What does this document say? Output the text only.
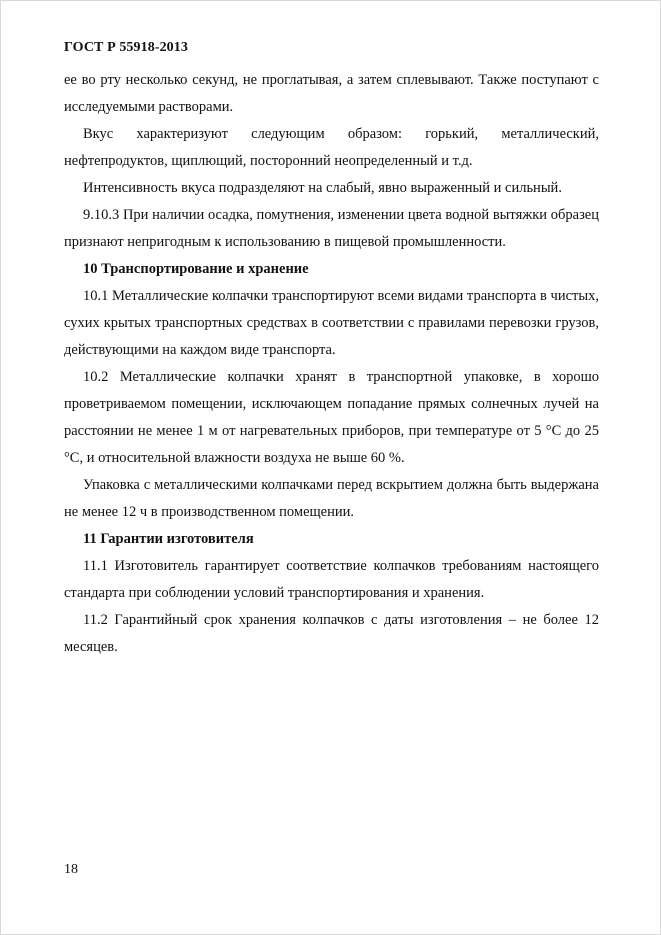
ГОСТ Р 55918-2013

ее во рту несколько секунд, не проглатывая, а затем сплевывают. Также поступают с исследуемыми растворами.

Вкус характеризуют следующим образом: горький, металлический, нефтепродуктов, щиплющий, посторонний неопределенный и т.д.

Интенсивность вкуса подразделяют на слабый, явно выраженный и сильный.

9.10.3 При наличии осадка, помутнения, изменении цвета водной вытяжки образец признают непригодным к использованию в пищевой промышленности.

10 Транспортирование и хранение

10.1 Металлические колпачки транспортируют всеми видами транспорта в чистых, сухих крытых транспортных средствах в соответствии с правилами перевозки грузов, действующими на каждом виде транспорта.

10.2 Металлические колпачки хранят в транспортной упаковке, в хорошо проветриваемом помещении, исключающем попадание прямых солнечных лучей на расстоянии не менее 1 м от нагревательных приборов, при температуре от 5 °С до 25 °С, и относительной влажности воздуха не выше 60 %.

Упаковка с металлическими колпачками перед вскрытием должна быть выдержана не менее 12 ч в производственном помещении.

11 Гарантии изготовителя

11.1 Изготовитель гарантирует соответствие колпачков требованиям настоящего стандарта при соблюдении условий транспортирования и хранения.

11.2 Гарантийный срок хранения колпачков с даты изготовления – не более 12 месяцев.

18
